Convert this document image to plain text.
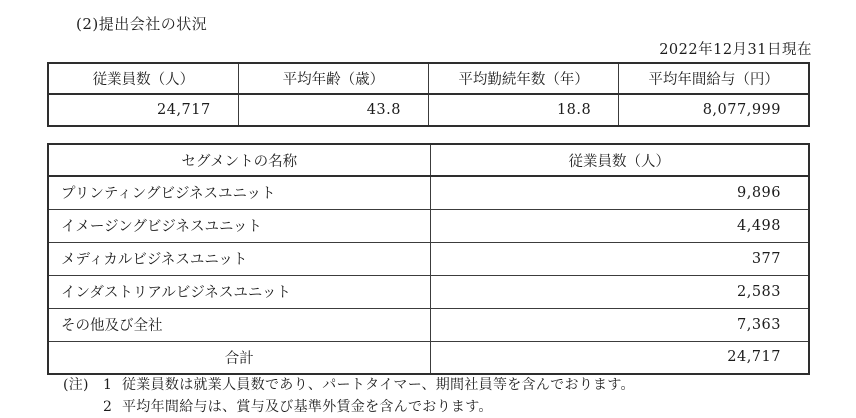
(2)提出会社の状況
2022年12月31日現在
従業員数（人）	平均年齢（歳）	平均勤続年数（年）	平均年間給与（円）
24,717	43.8	18.8	8,077,999
セグメントの名称	従業員数（人）
プリンティングビジネスユニット	9,896
イメージングビジネスユニット	4,498
メディカルビジネスユニット	377
インダストリアルビジネスユニット	2,583
その他及び全社	7,363
合計	24,717
(注)	1 従業員数は就業人員数であり、パートタイマー、期間社員等を含んでおります。
2 平均年間給与は、賞与及び基準外賃金を含んでおります。
